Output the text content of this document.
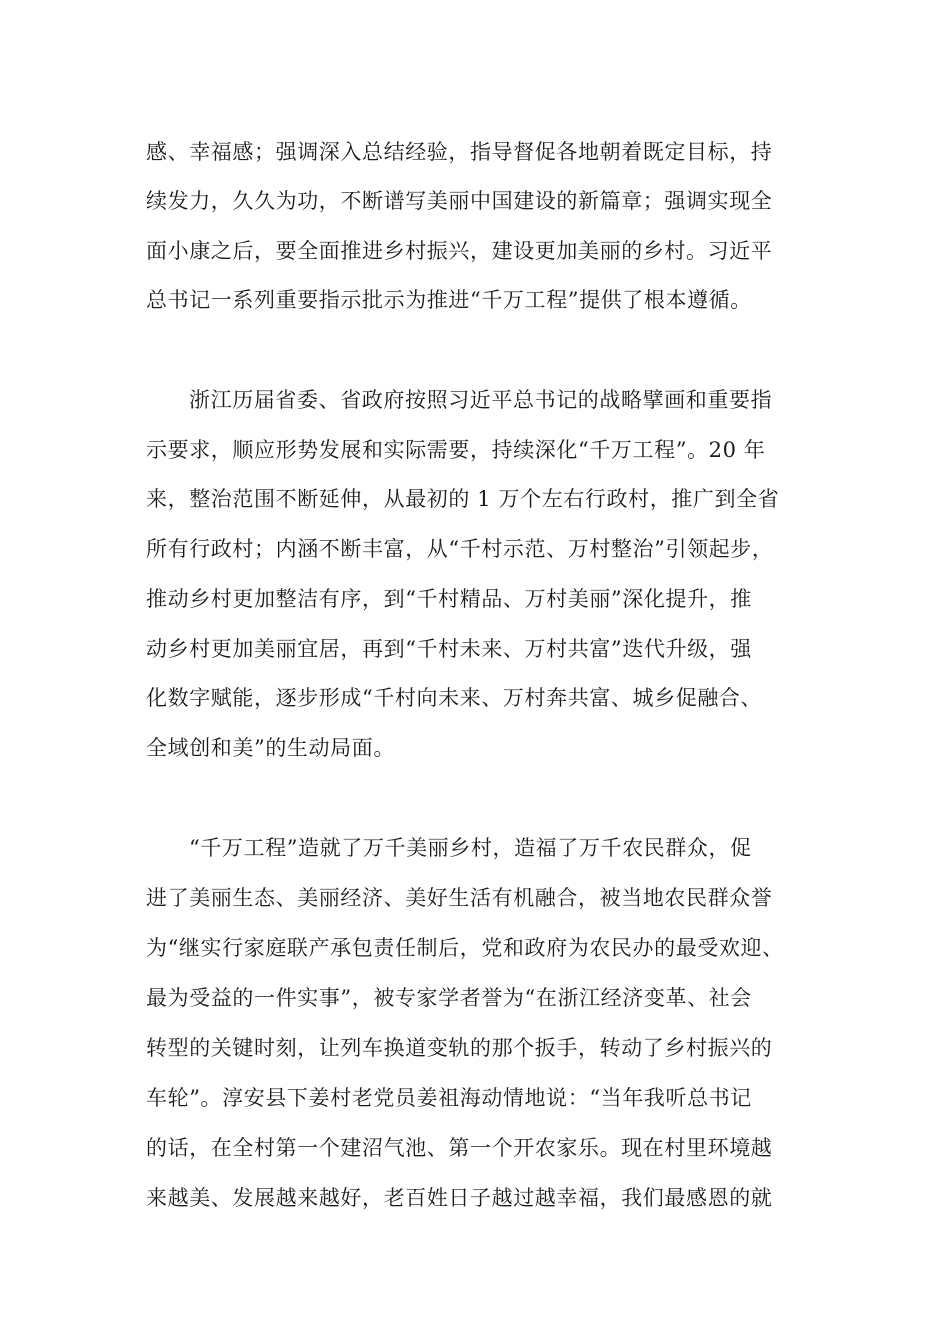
感、幸福感；强调深入总结经验，指导督促各地朝着既定目标，持
续发力，久久为功，不断谱写美丽中国建设的新篇章；强调实现全
面小康之后，要全面推进乡村振兴，建设更加美丽的乡村。习近平
总书记一系列重要指示批示为推进“千万工程”提供了根本遵循。
浙江历届省委、省政府按照习近平总书记的战略擘画和重要指
示要求，顺应形势发展和实际需要，持续深化“千万工程”。20 年
来，整治范围不断延伸，从最初的 1 万个左右行政村，推广到全省
所有行政村；内涵不断丰富，从“千村示范、万村整治”引领起步，
推动乡村更加整洁有序，到“千村精品、万村美丽”深化提升，推
动乡村更加美丽宜居，再到“千村未来、万村共富”迭代升级，强
化数字赋能，逐步形成“千村向未来、万村奔共富、城乡促融合、
全域创和美”的生动局面。
“千万工程”造就了万千美丽乡村，造福了万千农民群众，促
进了美丽生态、美丽经济、美好生活有机融合，被当地农民群众誉
为“继实行家庭联产承包责任制后，党和政府为农民办的最受欢迎、
最为受益的一件实事”，被专家学者誉为“在浙江经济变革、社会
转型的关键时刻，让列车换道变轨的那个扳手，转动了乡村振兴的
车轮”。淳安县下姜村老党员姜祖海动情地说：“当年我听总书记
的话，在全村第一个建沼气池、第一个开农家乐。现在村里环境越
来越美、发展越来越好，老百姓日子越过越幸福，我们最感恩的就
